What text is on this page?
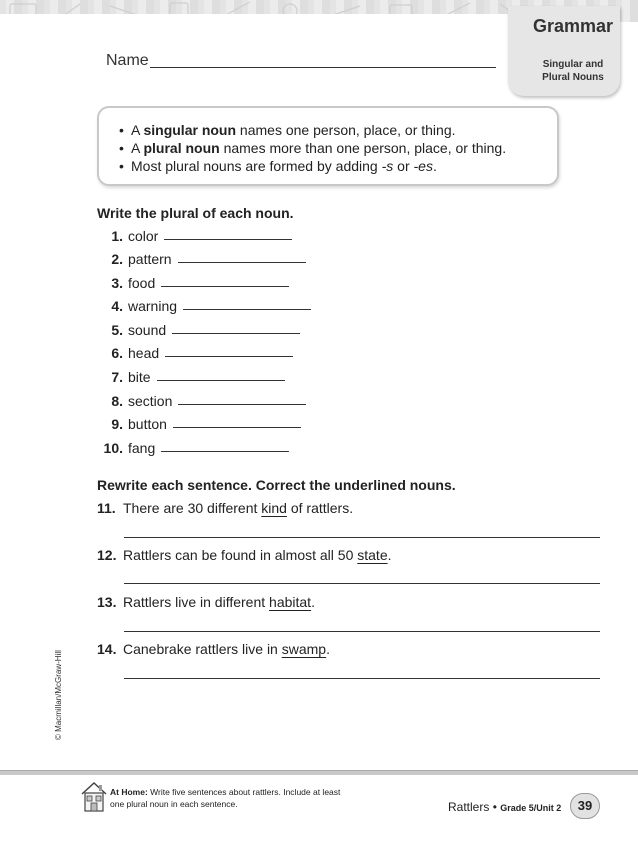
Grammar
Singular and
Plural Nouns
Name
• A singular noun names one person, place, or thing.
• A plural noun names more than one person, place, or thing.
• Most plural nouns are formed by adding -s or -es.
Write the plural of each noun.
1. color
2. pattern
3. food
4. warning
5. sound
6. head
7. bite
8. section
9. button
10. fang
Rewrite each sentence. Correct the underlined nouns.
11. There are 30 different kind of rattlers.
12. Rattlers can be found in almost all 50 state.
13. Rattlers live in different habitat.
14. Canebrake rattlers live in swamp.
© Macmillan/McGraw-Hill
At Home: Write five sentences about rattlers. Include at least one plural noun in each sentence.	Rattlers • Grade 5/Unit 2	39
